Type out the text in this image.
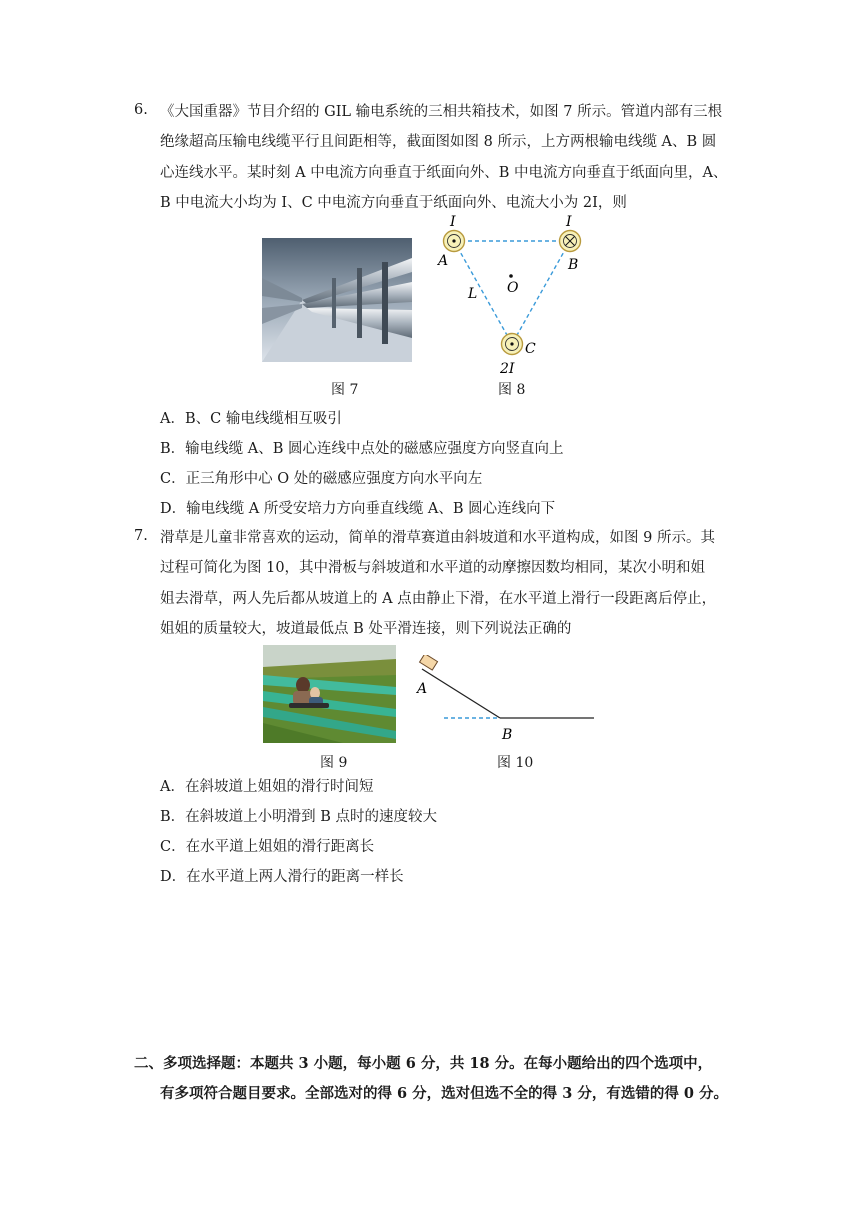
6. 《大国重器》节目介绍的 GIL 输电系统的三相共箱技术，如图 7 所示。管道内部有三根
绝缘超高压输电线缆平行且间距相等，截面图如图 8 所示，上方两根输电线缆 A、B 圆
心连线水平。某时刻 A 中电流方向垂直于纸面向外、B 中电流方向垂直于纸面向里，A、
B 中电流大小均为 I、C 中电流方向垂直于纸面向外、电流大小为 2I，则
I	I
A	B
O
L
C
2I
图 7	图 8
A．B、C 输电线缆相互吸引
B．输电线缆 A、B 圆心连线中点处的磁感应强度方向竖直向上
C．正三角形中心 O 处的磁感应强度方向水平向左
D．输电线缆 A 所受安培力方向垂直线缆 A、B 圆心连线向下
7. 滑草是儿童非常喜欢的运动，简单的滑草赛道由斜坡道和水平道构成，如图 9 所示。其
过程可简化为图 10，其中滑板与斜坡道和水平道的动摩擦因数均相同，某次小明和姐
姐去滑草，两人先后都从坡道上的 A 点由静止下滑，在水平道上滑行一段距离后停止，
姐姐的质量较大，坡道最低点 B 处平滑连接，则下列说法正确的
A
B
图 9	图 10
A．在斜坡道上姐姐的滑行时间短
B．在斜坡道上小明滑到 B 点时的速度较大
C．在水平道上姐姐的滑行距离长
D．在水平道上两人滑行的距离一样长
二、多项选择题：本题共 3 小题，每小题 6 分，共 18 分。在每小题给出的四个选项中，
有多项符合题目要求。全部选对的得 6 分，选对但选不全的得 3 分，有选错的得 0 分。
